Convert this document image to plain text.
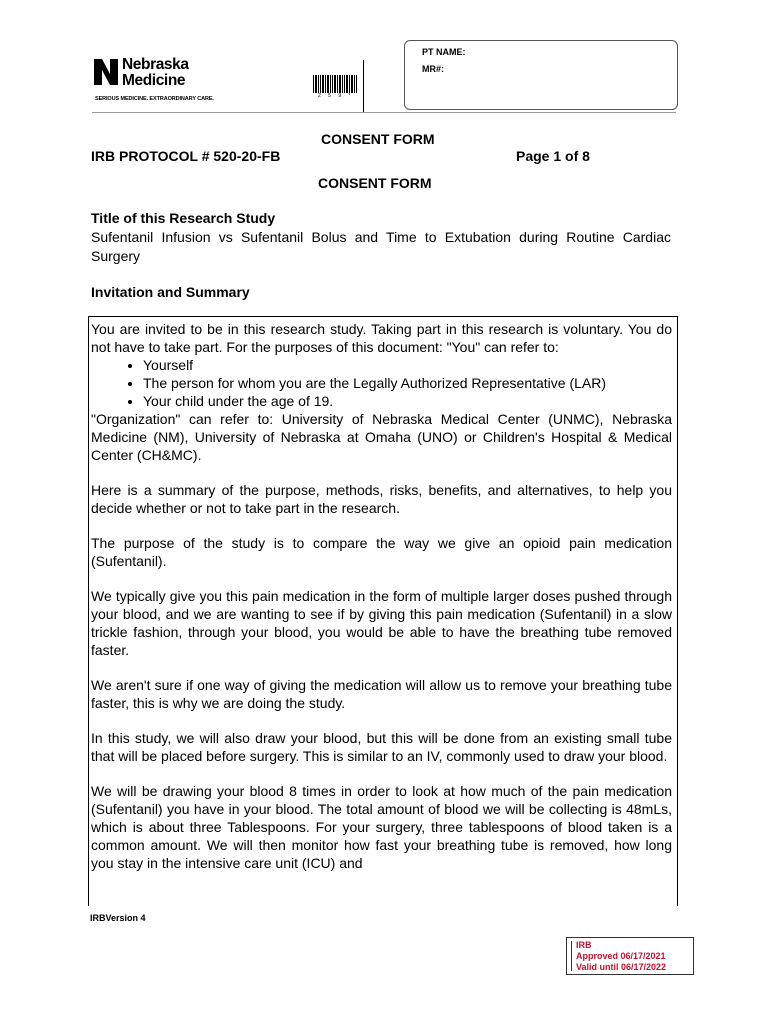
Nebraska
Medicine
SERIOUS MEDICINE. EXTRAORDINARY CARE.	2 5 9 *
PT NAME:
MR#:
CONSENT FORM
IRB PROTOCOL # 520-20-FB	Page 1 of 8
CONSENT FORM
Title of this Research Study
Sufentanil Infusion vs Sufentanil Bolus and Time to Extubation during Routine Cardiac Surgery
Invitation and Summary

You are invited to be in this research study. Taking part in this research is voluntary. You do not have to take part. For the purposes of this document: "You" can refer to:

• Yourself
• The person for whom you are the Legally Authorized Representative (LAR)
• Your child under the age of 19.

"Organization" can refer to: University of Nebraska Medical Center (UNMC), Nebraska Medicine (NM), University of Nebraska at Omaha (UNO) or Children's Hospital & Medical Center (CH&MC).

Here is a summary of the purpose, methods, risks, benefits, and alternatives, to help you decide whether or not to take part in the research.

The purpose of the study is to compare the way we give an opioid pain medication (Sufentanil).

We typically give you this pain medication in the form of multiple larger doses pushed through your blood, and we are wanting to see if by giving this pain medication (Sufentanil) in a slow trickle fashion, through your blood, you would be able to have the breathing tube removed faster.

We aren't sure if one way of giving the medication will allow us to remove your breathing tube faster, this is why we are doing the study.

In this study, we will also draw your blood, but this will be done from an existing small tube that will be placed before surgery. This is similar to an IV, commonly used to draw your blood.

We will be drawing your blood 8 times in order to look at how much of the pain medication (Sufentanil) you have in your blood. The total amount of blood we will be collecting is 48mLs, which is about three Tablespoons. For your surgery, three tablespoons of blood taken is a common amount. We will then monitor how fast your breathing tube is removed, how long you stay in the intensive care unit (ICU) and

IRBVersion 4
IRB
Approved 06/17/2021
Valid until 06/17/2022
